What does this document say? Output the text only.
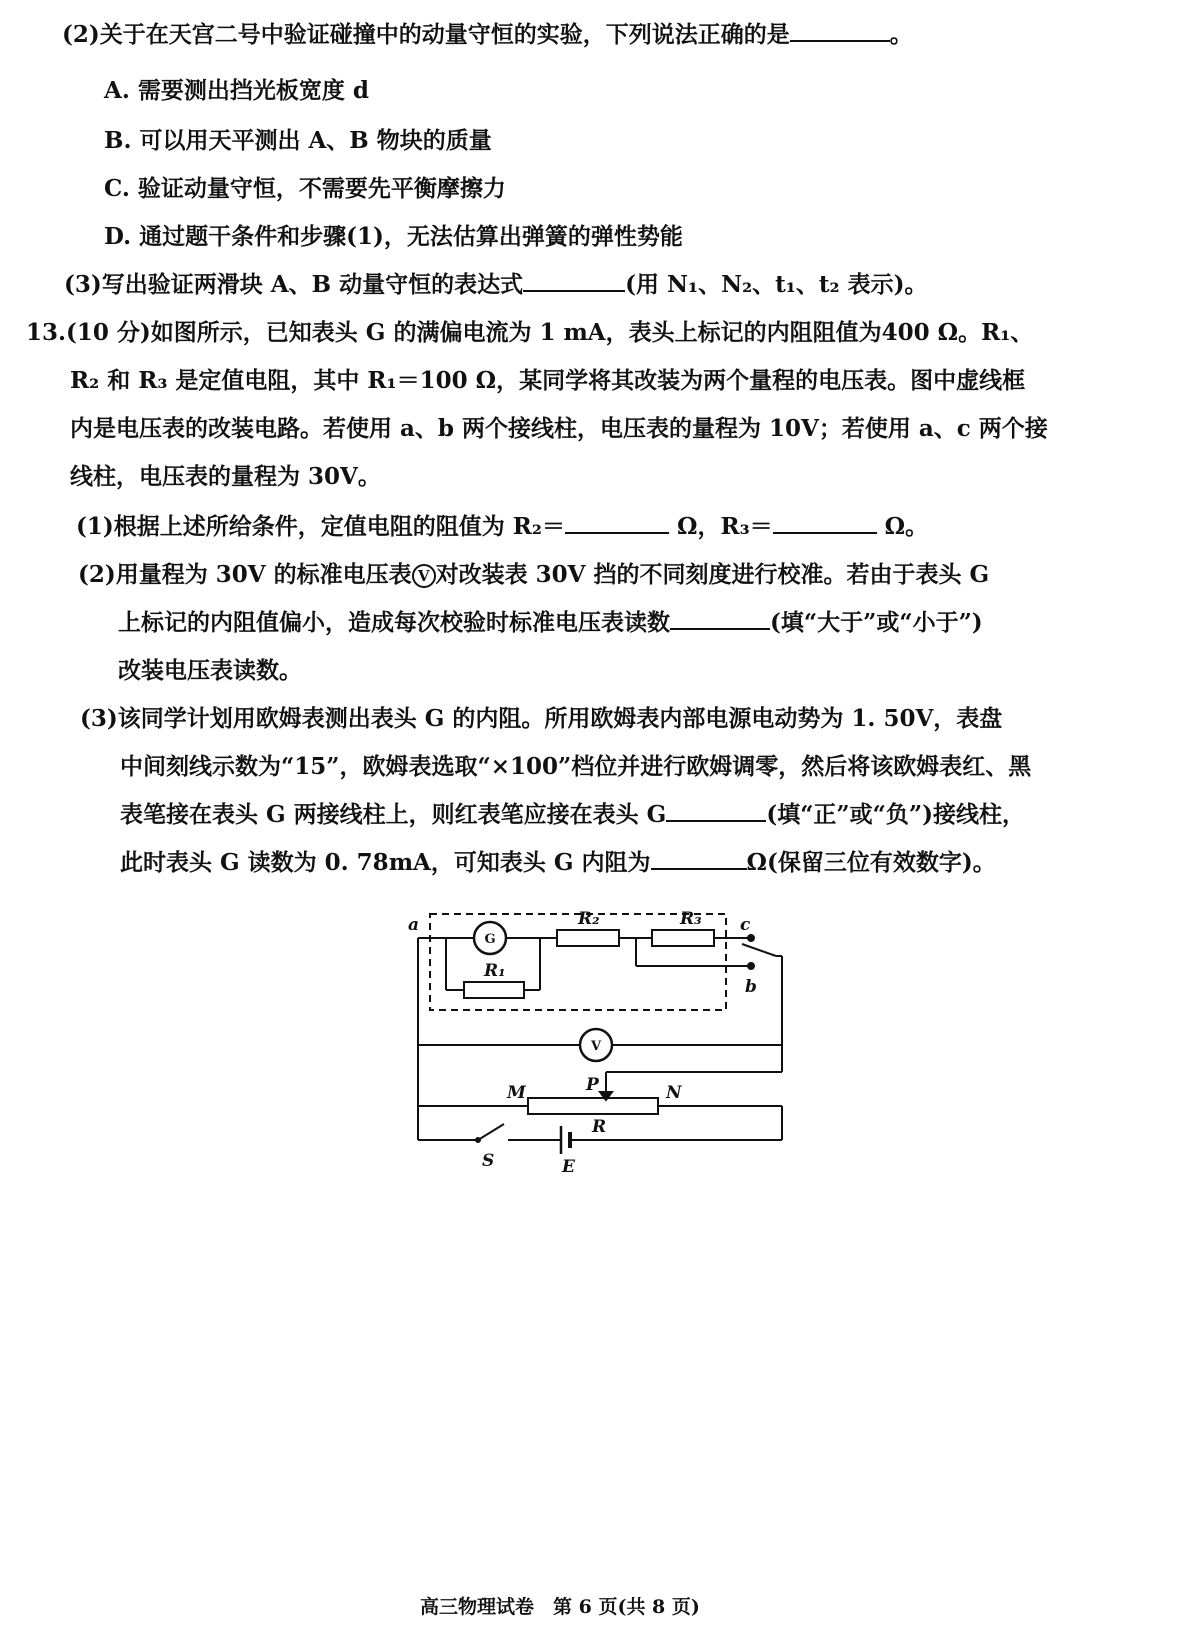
(2)关于在天宫二号中验证碰撞中的动量守恒的实验，下列说法正确的是	。
A. 需要测出挡光板宽度 d
B. 可以用天平测出 A、B 物块的质量
C. 验证动量守恒，不需要先平衡摩擦力
D. 通过题干条件和步骤(1)，无法估算出弹簧的弹性势能
(3)写出验证两滑块 A、B 动量守恒的表达式	(用 N₁、N₂、t₁、t₂ 表示)。
13.(10 分)如图所示，已知表头 G 的满偏电流为 1 mA，表头上标记的内阻阻值为400 Ω。R₁、
R₂ 和 R₃ 是定值电阻，其中 R₁＝100 Ω，某同学将其改装为两个量程的电压表。图中虚线框
内是电压表的改装电路。若使用 a、b 两个接线柱，电压表的量程为 10V；若使用 a、c 两个接
线柱，电压表的量程为 30V。
(1)根据上述所给条件，定值电阻的阻值为 R₂＝	Ω，R₃＝	Ω。
(2)用量程为 30V 的标准电压表 V 对改装表 30V 挡的不同刻度进行校准。若由于表头 G
上标记的内阻值偏小，造成每次校验时标准电压表读数	(填“大于”或“小于”)
改装电压表读数。
(3)该同学计划用欧姆表测出表头 G 的内阻。所用欧姆表内部电源电动势为 1. 50V，表盘
中间刻线示数为“15”，欧姆表选取“×100”档位并进行欧姆调零，然后将该欧姆表红、黑
表笔接在表头 G 两接线柱上，则红表笔应接在表头 G	(填“正”或“负”)接线柱，
此时表头 G 读数为 0. 78mA，可知表头 G 内阻为	Ω(保留三位有效数字)。
a	c
b
R₂	R₃
R₁
M	P	N
R
S	E
G
V
高三物理试卷　第 6 页(共 8 页)
